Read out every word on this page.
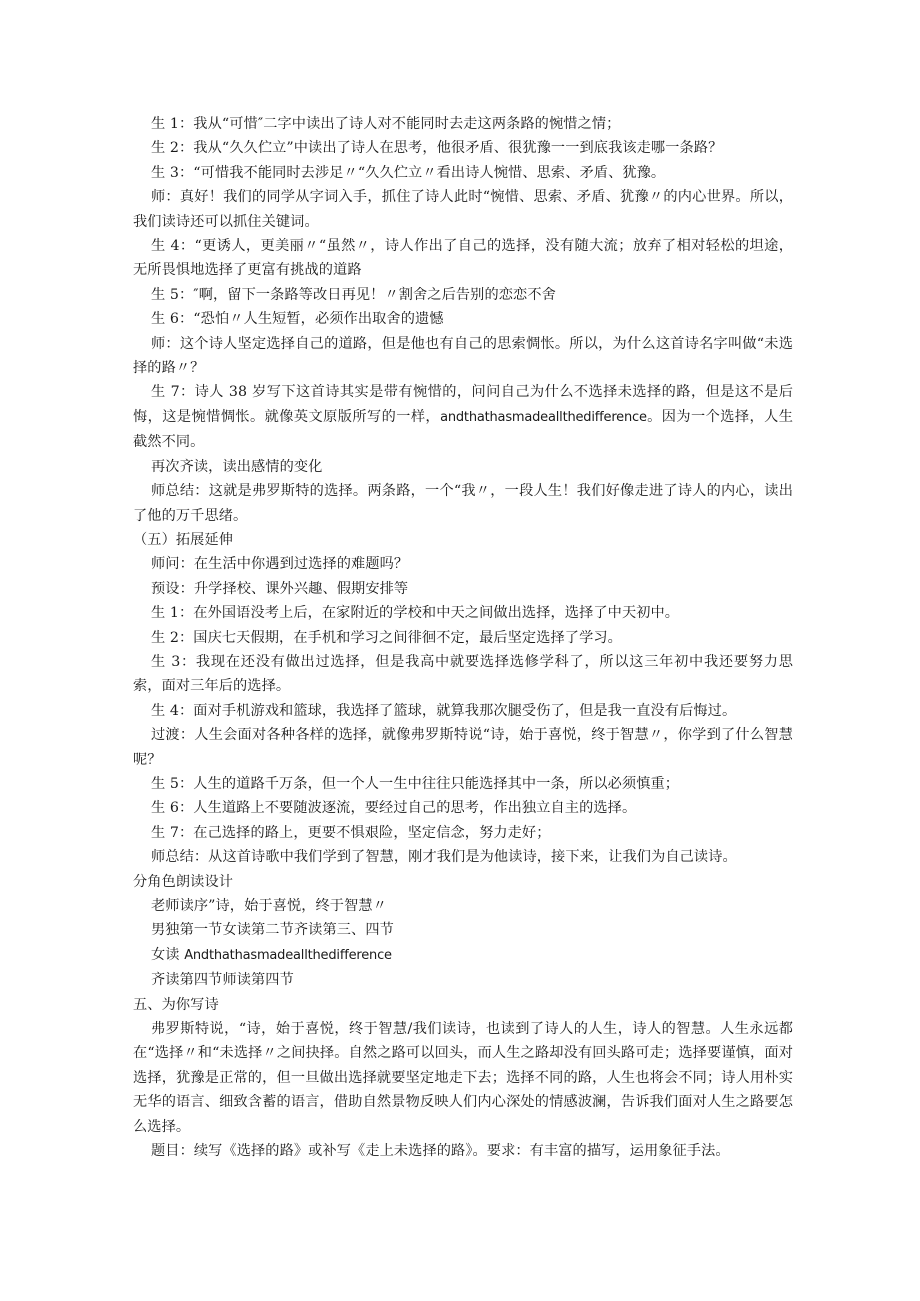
生 1：我从“可惜″二字中读出了诗人对不能同时去走这两条路的惋惜之情；

生 2：我从“久久伫立”中读出了诗人在思考，他很矛盾、很犹豫一一到底我该走哪一条路？

生 3：“可惜我不能同时去涉足〃“久久伫立〃看出诗人惋惜、思索、矛盾、犹豫。

师：真好！我们的同学从字词入手，抓住了诗人此时“惋惜、思索、矛盾、犹豫〃的内心世界。所以，我们读诗还可以抓住关键词。

生 4：“更诱人，更美丽〃“虽然〃，诗人作出了自己的选择，没有随大流；放弃了相对轻松的坦途，无所畏惧地选择了更富有挑战的道路

生 5：″啊，留下一条路等改日再见！〃割舍之后告别的恋恋不舍

生 6：“恐怕〃人生短暂，必须作出取舍的遗憾

师：这个诗人坚定选择自己的道路，但是他也有自己的思索惆怅。所以，为什么这首诗名字叫做“未选择的路〃？

生 7：诗人 38 岁写下这首诗其实是带有惋惜的，问问自己为什么不选择未选择的路，但是这不是后悔，这是惋惜惆怅。就像英文原版所写的一样，andthathasmadeallthedifference。因为一个选择，人生截然不同。

再次齐读，读出感情的变化

师总结：这就是弗罗斯特的选择。两条路，一个“我〃，一段人生！我们好像走进了诗人的内心，读出了他的万千思绪。

（五）拓展延伸

师问：在生活中你遇到过选择的难题吗？

预设：升学择校、课外兴趣、假期安排等

生 1：在外国语没考上后，在家附近的学校和中天之间做出选择，选择了中天初中。

生 2：国庆七天假期，在手机和学习之间徘徊不定，最后坚定选择了学习。

生 3：我现在还没有做出过选择，但是我高中就要选择选修学科了，所以这三年初中我还要努力思索，面对三年后的选择。

生 4：面对手机游戏和篮球，我选择了篮球，就算我那次腿受伤了，但是我一直没有后悔过。

过渡：人生会面对各种各样的选择，就像弗罗斯特说“诗，始于喜悦，终于智慧〃，你学到了什么智慧呢？

生 5：人生的道路千万条，但一个人一生中往往只能选择其中一条，所以必须慎重；

生 6：人生道路上不要随波逐流，要经过自己的思考，作出独立自主的选择。

生 7：在己选择的路上，更要不惧艰险，坚定信念，努力走好；

师总结：从这首诗歌中我们学到了智慧，刚才我们是为他读诗，接下来，让我们为自己读诗。

分角色朗读设计

老师读序”诗，始于喜悦，终于智慧〃

男独第一节女读第二节齐读第三、四节

女读 Andthathasmadeallthedifference

齐读第四节师读第四节

五、为你写诗

弗罗斯特说，“诗，始于喜悦，终于智慧/我们读诗，也读到了诗人的人生，诗人的智慧。人生永远都在“选择〃和“未选择〃之间抉择。自然之路可以回头，而人生之路却没有回头路可走；选择要谨慎，面对选择，犹豫是正常的，但一旦做出选择就要坚定地走下去；选择不同的路，人生也将会不同；诗人用朴实无华的语言、细致含蓄的语言，借助自然景物反映人们内心深处的情感波澜，告诉我们面对人生之路要怎么选择。

题目：续写《选择的路》或补写《走上未选择的路》。要求：有丰富的描写，运用象征手法。
